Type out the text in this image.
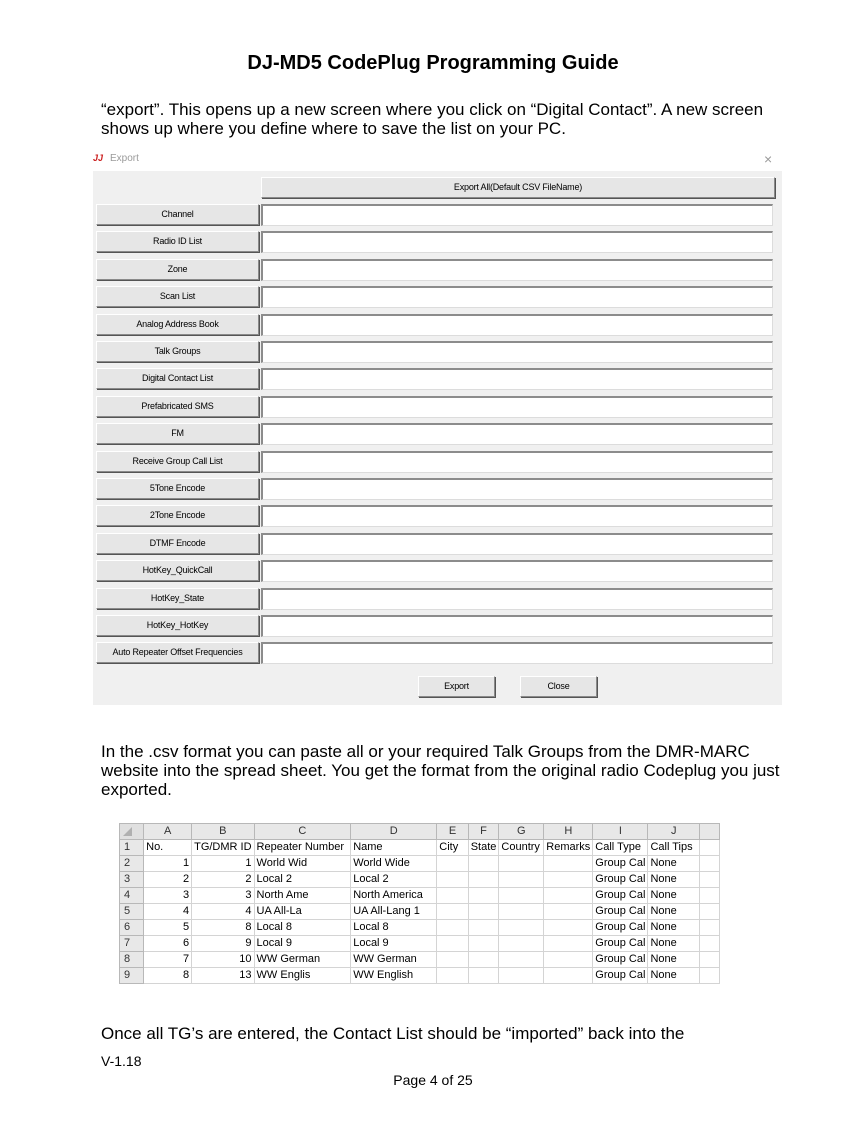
DJ-MD5 CodePlug Programming Guide
“export”. This opens up a new screen where you click on “Digital Contact”. A new screen shows up where you define where to save the list on your PC.
JJ Export	×
Export All(Default CSV FileName)
Channel
Radio ID List
Zone
Scan List
Analog Address Book
Talk Groups
Digital Contact List
Prefabricated SMS
FM
Receive Group Call List
5Tone Encode
2Tone Encode
DTMF Encode
HotKey_QuickCall
HotKey_State
HotKey_HotKey
Auto Repeater Offset Frequencies
Export	Close
In the .csv format you can paste all or your required Talk Groups from the DMR-MARC website into the spread sheet. You get the format from the original radio Codeplug you just exported.
	A	B	C	D	E	F	G	H	I	J	
1	No.	TG/DMR ID	Repeater Number	Name	City	State	Country	Remarks	Call Type	Call Tips	
2	1	1	World Wid	World Wide					Group Cal	None	
3	2	2	Local 2	Local 2					Group Cal	None	
4	3	3	North Ame	North America					Group Cal	None	
5	4	4	UA All-La	UA All-Lang 1					Group Cal	None	
6	5	8	Local 8	Local 8					Group Cal	None	
7	6	9	Local 9	Local 9					Group Cal	None	
8	7	10	WW German	WW German					Group Cal	None	
9	8	13	WW Englis	WW English					Group Cal	None	
Once all TG’s are entered, the Contact List should be “imported” back into the
V-1.18
Page 4 of 25
